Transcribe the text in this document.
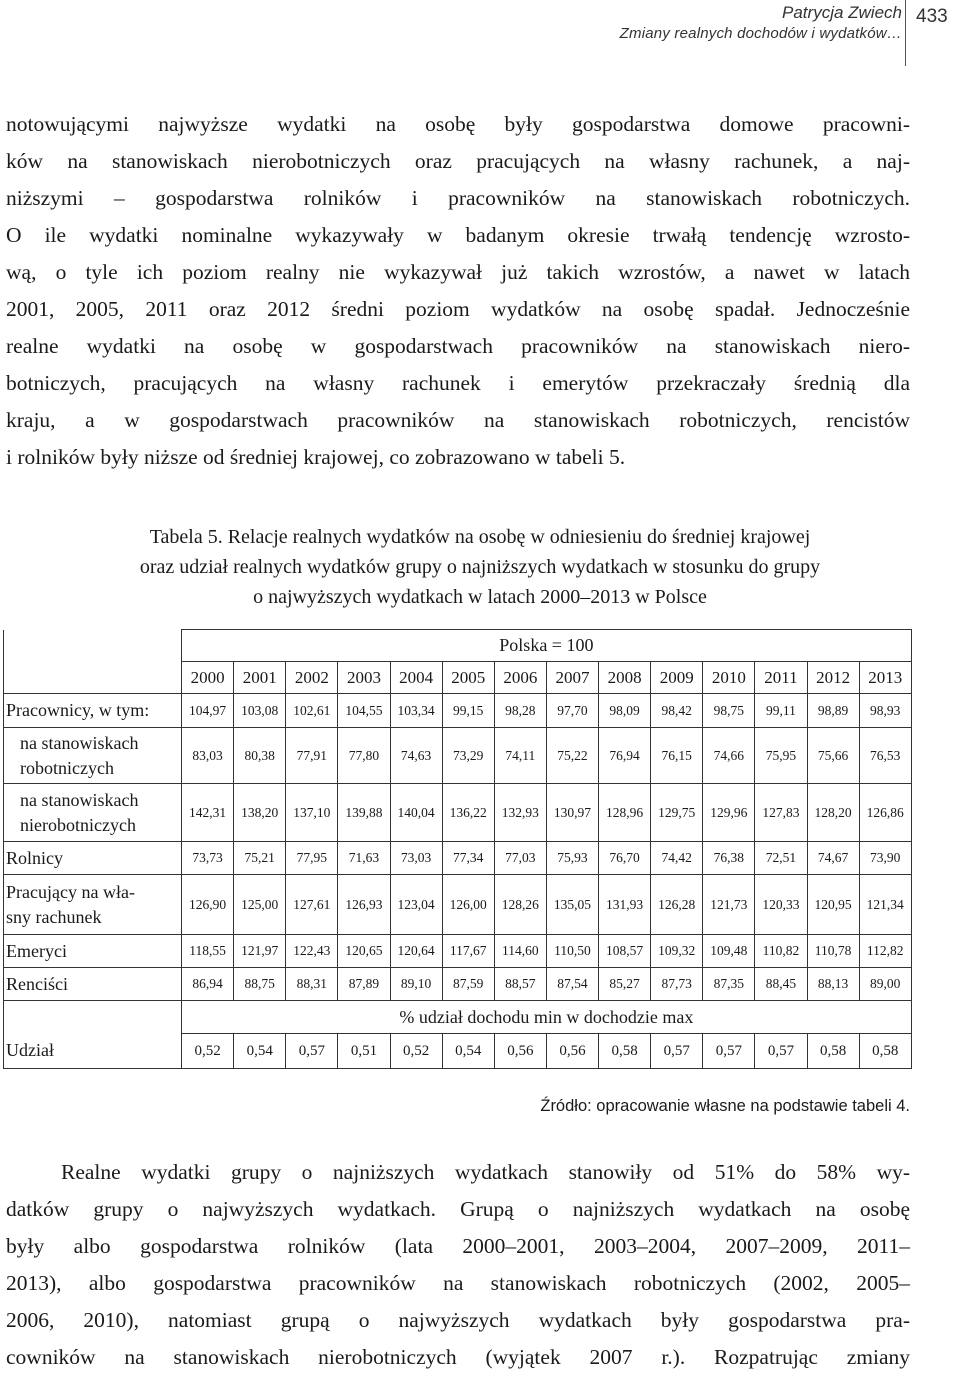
Patrycja Zwiech
Zmiany realnych dochodów i wydatków…
433
notowującymi najwyższe wydatki na osobę były gospodarstwa domowe pracowni-
ków na stanowiskach nierobotniczych oraz pracujących na własny rachunek, a naj-
niższymi – gospodarstwa rolników i pracowników na stanowiskach robotniczych.
O ile wydatki nominalne wykazywały w badanym okresie trwałą tendencję wzrosto-
wą, o tyle ich poziom realny nie wykazywał już takich wzrostów, a nawet w latach
2001, 2005, 2011 oraz 2012 średni poziom wydatków na osobę spadał. Jednocześnie
realne wydatki na osobę w gospodarstwach pracowników na stanowiskach niero-
botniczych, pracujących na własny rachunek i emerytów przekraczały średnią dla
kraju, a w gospodarstwach pracowników na stanowiskach robotniczych, rencistów
i rolników były niższe od średniej krajowej, co zobrazowano w tabeli 5.
Tabela 5. Relacje realnych wydatków na osobę w odniesieniu do średniej krajowej
oraz udział realnych wydatków grupy o najniższych wydatkach w stosunku do grupy
o najwyższych wydatkach w latach 2000–2013 w Polsce
	Polska = 100													
	2000	2001	2002	2003	2004	2005	2006	2007	2008	2009	2010	2011	2012	2013

Pracownicy, w tym:	104,97	103,08	102,61	104,55	103,34	99,15	98,28	97,70	98,09	98,42	98,75	99,11	98,89	98,93

na stanowiskach
robotniczych	83,03	80,38	77,91	77,80	74,63	73,29	74,11	75,22	76,94	76,15	74,66	75,95	75,66	76,53

na stanowiskach
nierobotniczych	142,31	138,20	137,10	139,88	140,04	136,22	132,93	130,97	128,96	129,75	129,96	127,83	128,20	126,86

Rolnicy	73,73	75,21	77,95	71,63	73,03	77,34	77,03	75,93	76,70	74,42	76,38	72,51	74,67	73,90

Pracujący na wła-
sny rachunek	126,90	125,00	127,61	126,93	123,04	126,00	128,26	135,05	131,93	126,28	121,73	120,33	120,95	121,34

Emeryci	118,55	121,97	122,43	120,65	120,64	117,67	114,60	110,50	108,57	109,32	109,48	110,82	110,78	112,82

Renciści	86,94	88,75	88,31	87,89	89,10	87,59	88,57	87,54	85,27	87,73	87,35	88,45	88,13	89,00
	% udział dochodu min w dochodzie max													
Udział	0,52	0,54	0,57	0,51	0,52	0,54	0,56	0,56	0,58	0,57	0,57	0,57	0,58	0,58
Źródło: opracowanie własne na podstawie tabeli 4.
Realne wydatki grupy o najniższych wydatkach stanowiły od 51% do 58% wy-
datków grupy o najwyższych wydatkach. Grupą o najniższych wydatkach na osobę
były albo gospodarstwa rolników (lata 2000–2001, 2003–2004, 2007–2009, 2011–
2013), albo gospodarstwa pracowników na stanowiskach robotniczych (2002, 2005–
2006, 2010), natomiast grupą o najwyższych wydatkach były gospodarstwa pra-
cowników na stanowiskach nierobotniczych (wyjątek 2007 r.). Rozpatrując zmiany
